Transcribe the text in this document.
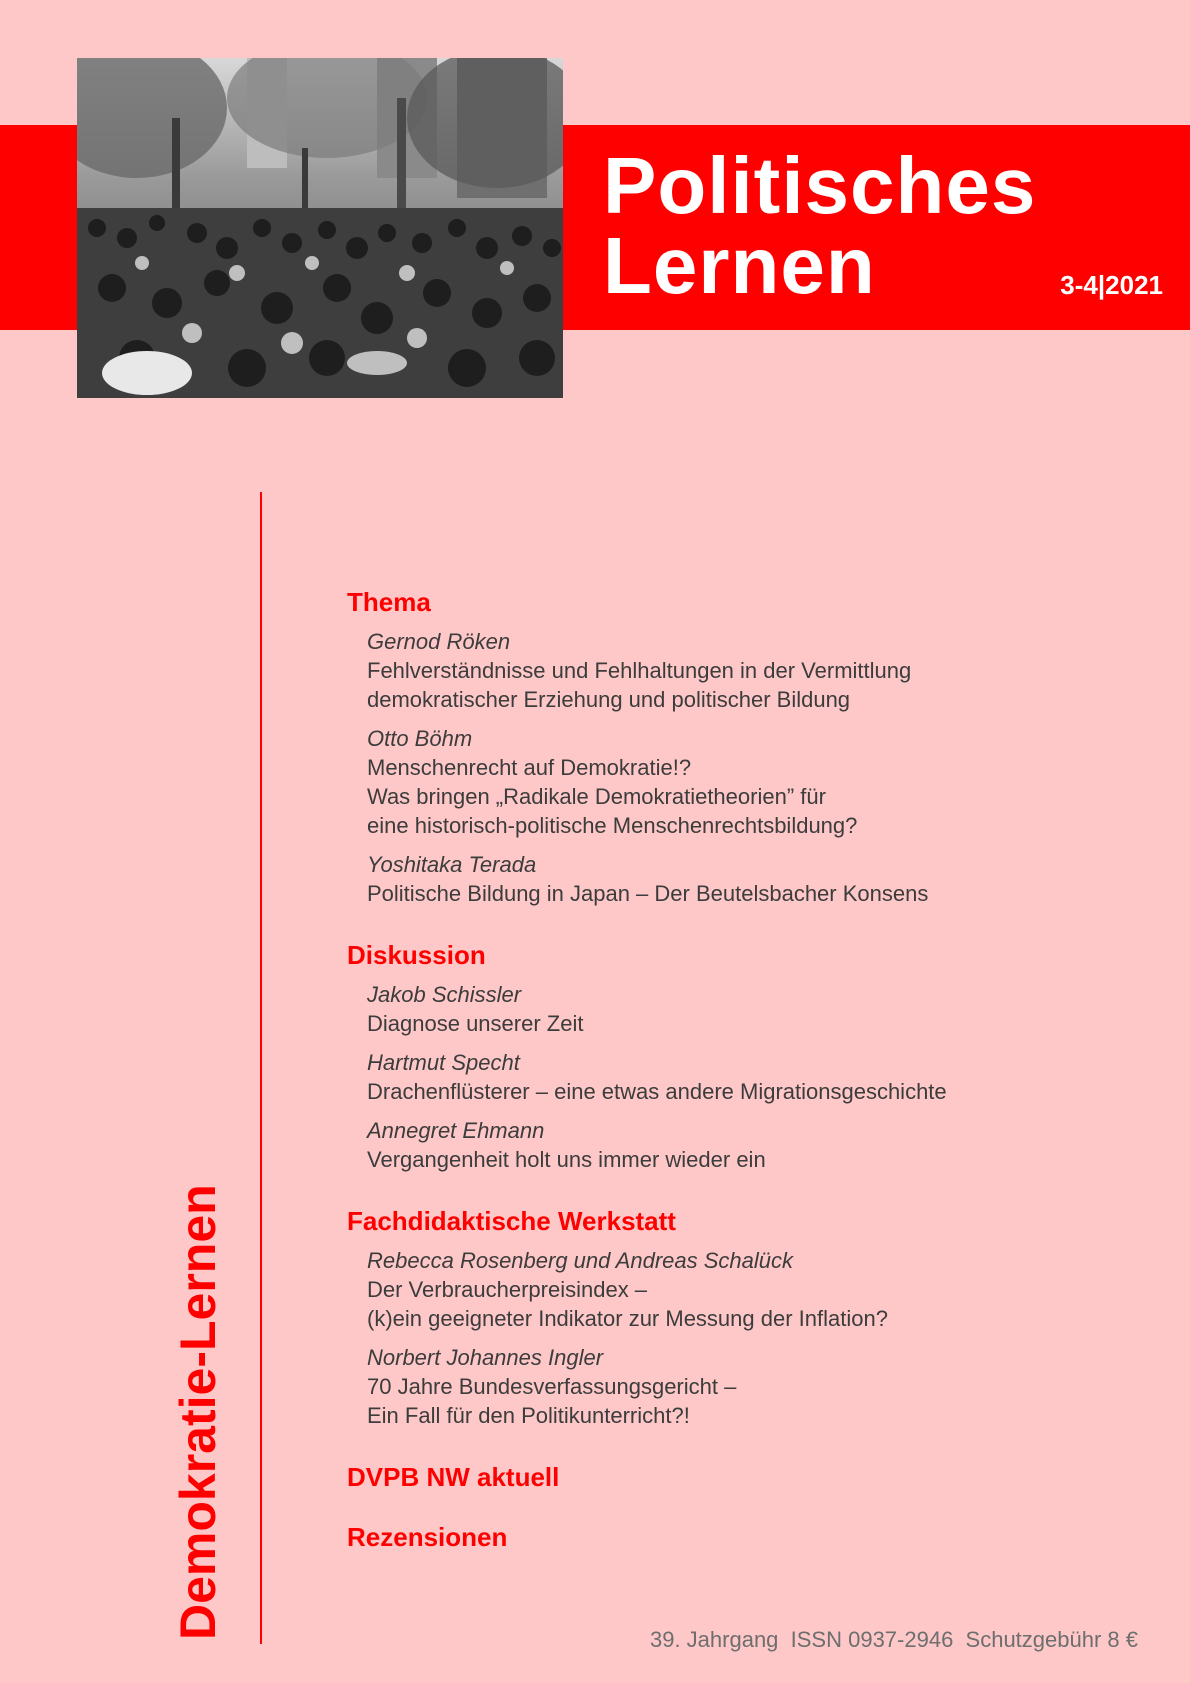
Politisches
Lernen	3-4|2021
Demokratie-Lernen
Thema
Gernod Röken
Fehlverständnisse und Fehlhaltungen in der Vermittlung
demokratischer Erziehung und politischer Bildung
Otto Böhm
Menschenrecht auf Demokratie!?
Was bringen „Radikale Demokratietheorien” für
eine historisch-politische Menschenrechtsbildung?
Yoshitaka Terada
Politische Bildung in Japan – Der Beutelsbacher Konsens
Diskussion
Jakob Schissler
Diagnose unserer Zeit
Hartmut Specht
Drachenflüsterer – eine etwas andere Migrationsgeschichte
Annegret Ehmann
Vergangenheit holt uns immer wieder ein
Fachdidaktische Werkstatt
Rebecca Rosenberg und Andreas Schalück
Der Verbraucherpreisindex –
(k)ein geeigneter Indikator zur Messung der Inflation?
Norbert Johannes Ingler
70 Jahre Bundesverfassungsgericht –
Ein Fall für den Politikunterricht?!
DVPB NW aktuell
Rezensionen
39. Jahrgang  ISSN 0937-2946  Schutzgebühr 8 €
